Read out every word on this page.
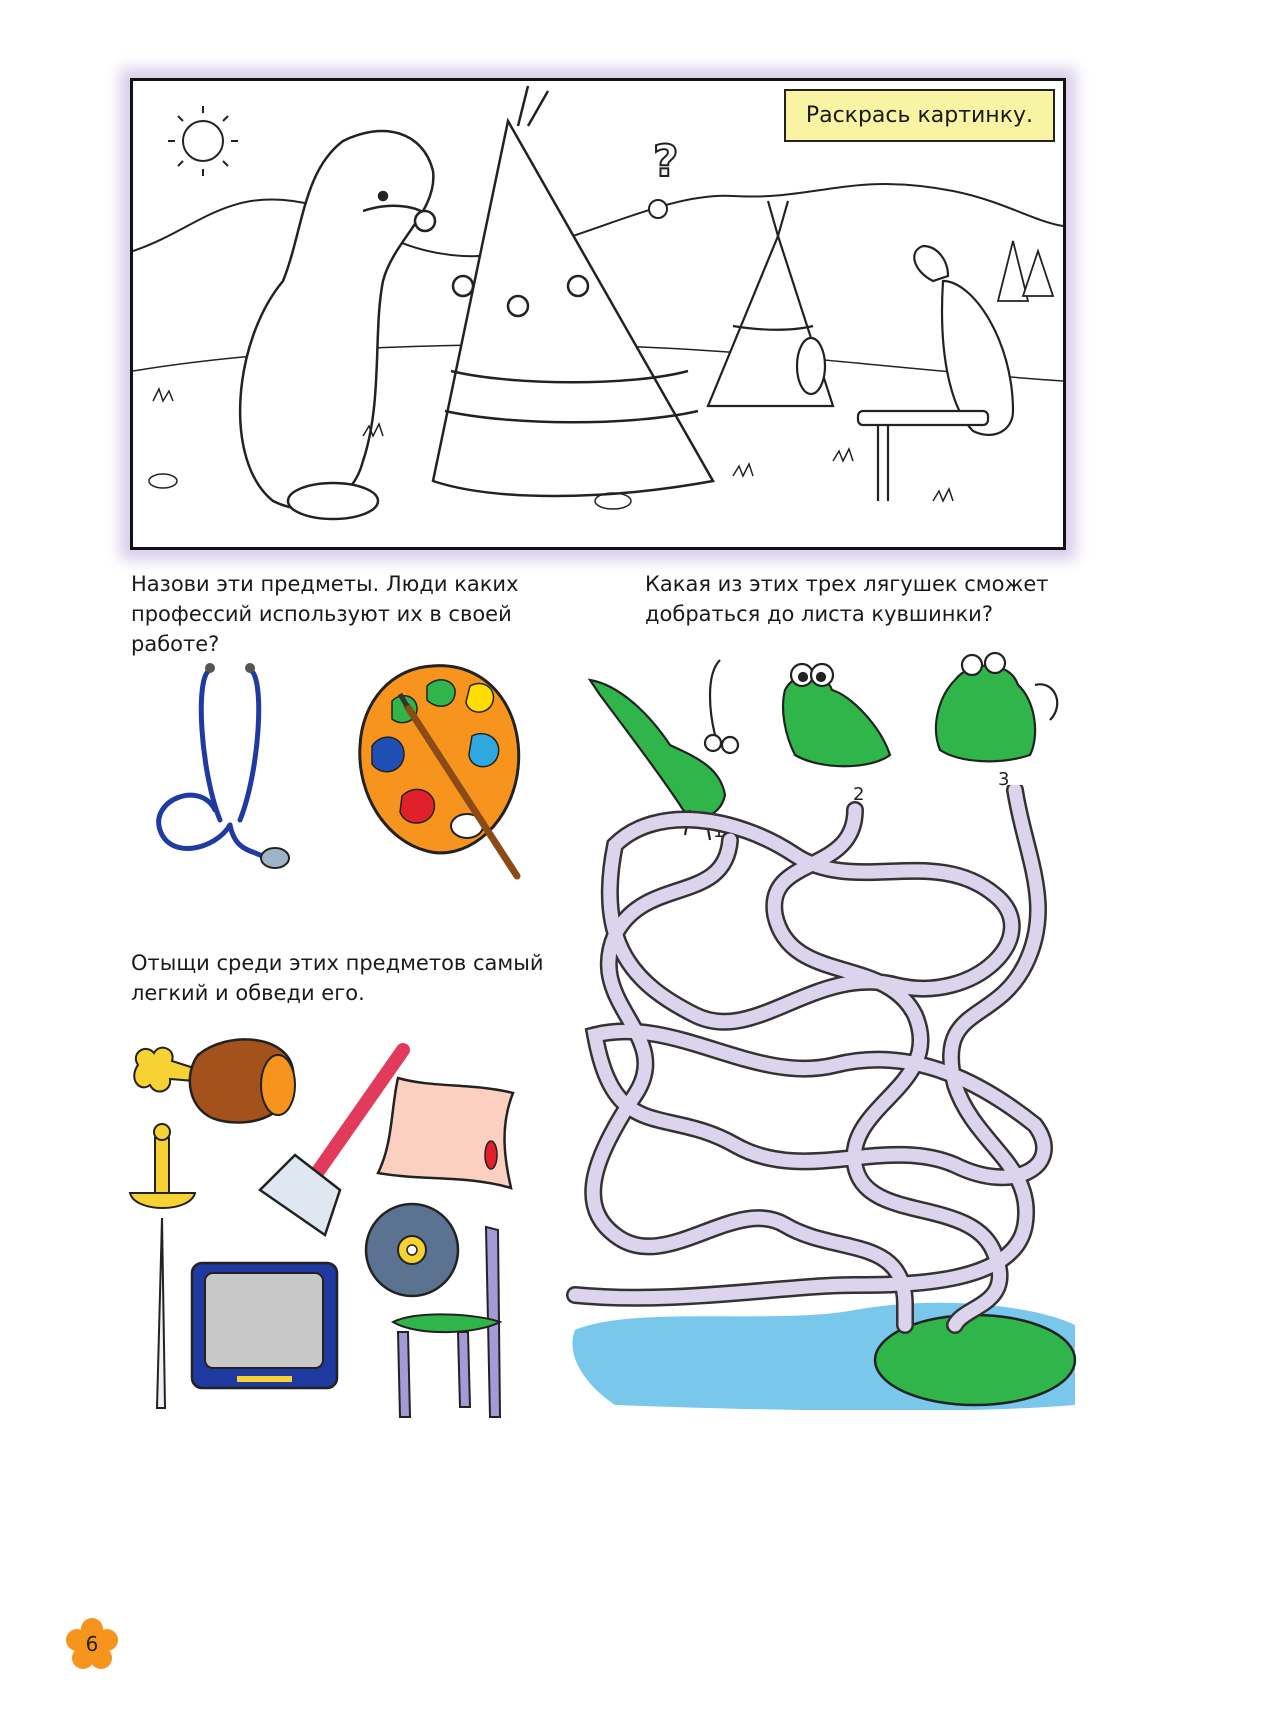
?
Раскрась картинку.
Назови эти предметы. Люди каких профессий используют их в своей работе?
Какая из этих трех лягушек сможет добраться до листа кувшинки?
Отыщи среди этих предметов самый легкий и обведи его.
1
2
3
6
